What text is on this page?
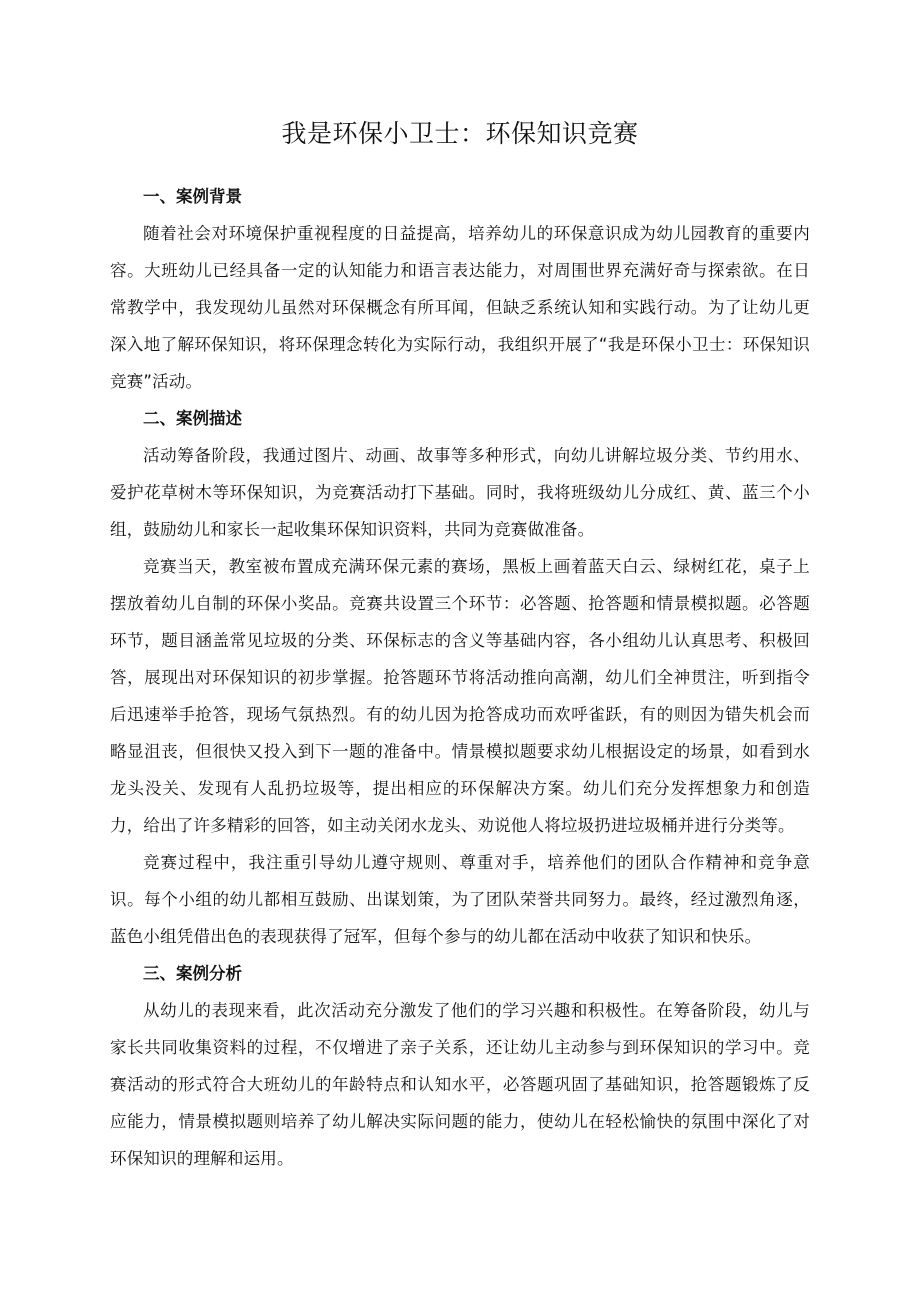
我是环保小卫士：环保知识竞赛

一、案例背景

随着社会对环境保护重视程度的日益提高，培养幼儿的环保意识成为幼儿园教育的重要内容。大班幼儿已经具备一定的认知能力和语言表达能力，对周围世界充满好奇与探索欲。在日常教学中，我发现幼儿虽然对环保概念有所耳闻，但缺乏系统认知和实践行动。为了让幼儿更深入地了解环保知识，将环保理念转化为实际行动，我组织开展了“我是环保小卫士：环保知识竞赛”活动。

二、案例描述

活动筹备阶段，我通过图片、动画、故事等多种形式，向幼儿讲解垃圾分类、节约用水、爱护花草树木等环保知识，为竞赛活动打下基础。同时，我将班级幼儿分成红、黄、蓝三个小组，鼓励幼儿和家长一起收集环保知识资料，共同为竞赛做准备。

竞赛当天，教室被布置成充满环保元素的赛场，黑板上画着蓝天白云、绿树红花，桌子上摆放着幼儿自制的环保小奖品。竞赛共设置三个环节：必答题、抢答题和情景模拟题。必答题环节，题目涵盖常见垃圾的分类、环保标志的含义等基础内容，各小组幼儿认真思考、积极回答，展现出对环保知识的初步掌握。抢答题环节将活动推向高潮，幼儿们全神贯注，听到指令后迅速举手抢答，现场气氛热烈。有的幼儿因为抢答成功而欢呼雀跃，有的则因为错失机会而略显沮丧，但很快又投入到下一题的准备中。情景模拟题要求幼儿根据设定的场景，如看到水龙头没关、发现有人乱扔垃圾等，提出相应的环保解决方案。幼儿们充分发挥想象力和创造力，给出了许多精彩的回答，如主动关闭水龙头、劝说他人将垃圾扔进垃圾桶并进行分类等。

竞赛过程中，我注重引导幼儿遵守规则、尊重对手，培养他们的团队合作精神和竞争意识。每个小组的幼儿都相互鼓励、出谋划策，为了团队荣誉共同努力。最终，经过激烈角逐，蓝色小组凭借出色的表现获得了冠军，但每个参与的幼儿都在活动中收获了知识和快乐。

三、案例分析

从幼儿的表现来看，此次活动充分激发了他们的学习兴趣和积极性。在筹备阶段，幼儿与家长共同收集资料的过程，不仅增进了亲子关系，还让幼儿主动参与到环保知识的学习中。竞赛活动的形式符合大班幼儿的年龄特点和认知水平，必答题巩固了基础知识，抢答题锻炼了反应能力，情景模拟题则培养了幼儿解决实际问题的能力，使幼儿在轻松愉快的氛围中深化了对环保知识的理解和运用。
